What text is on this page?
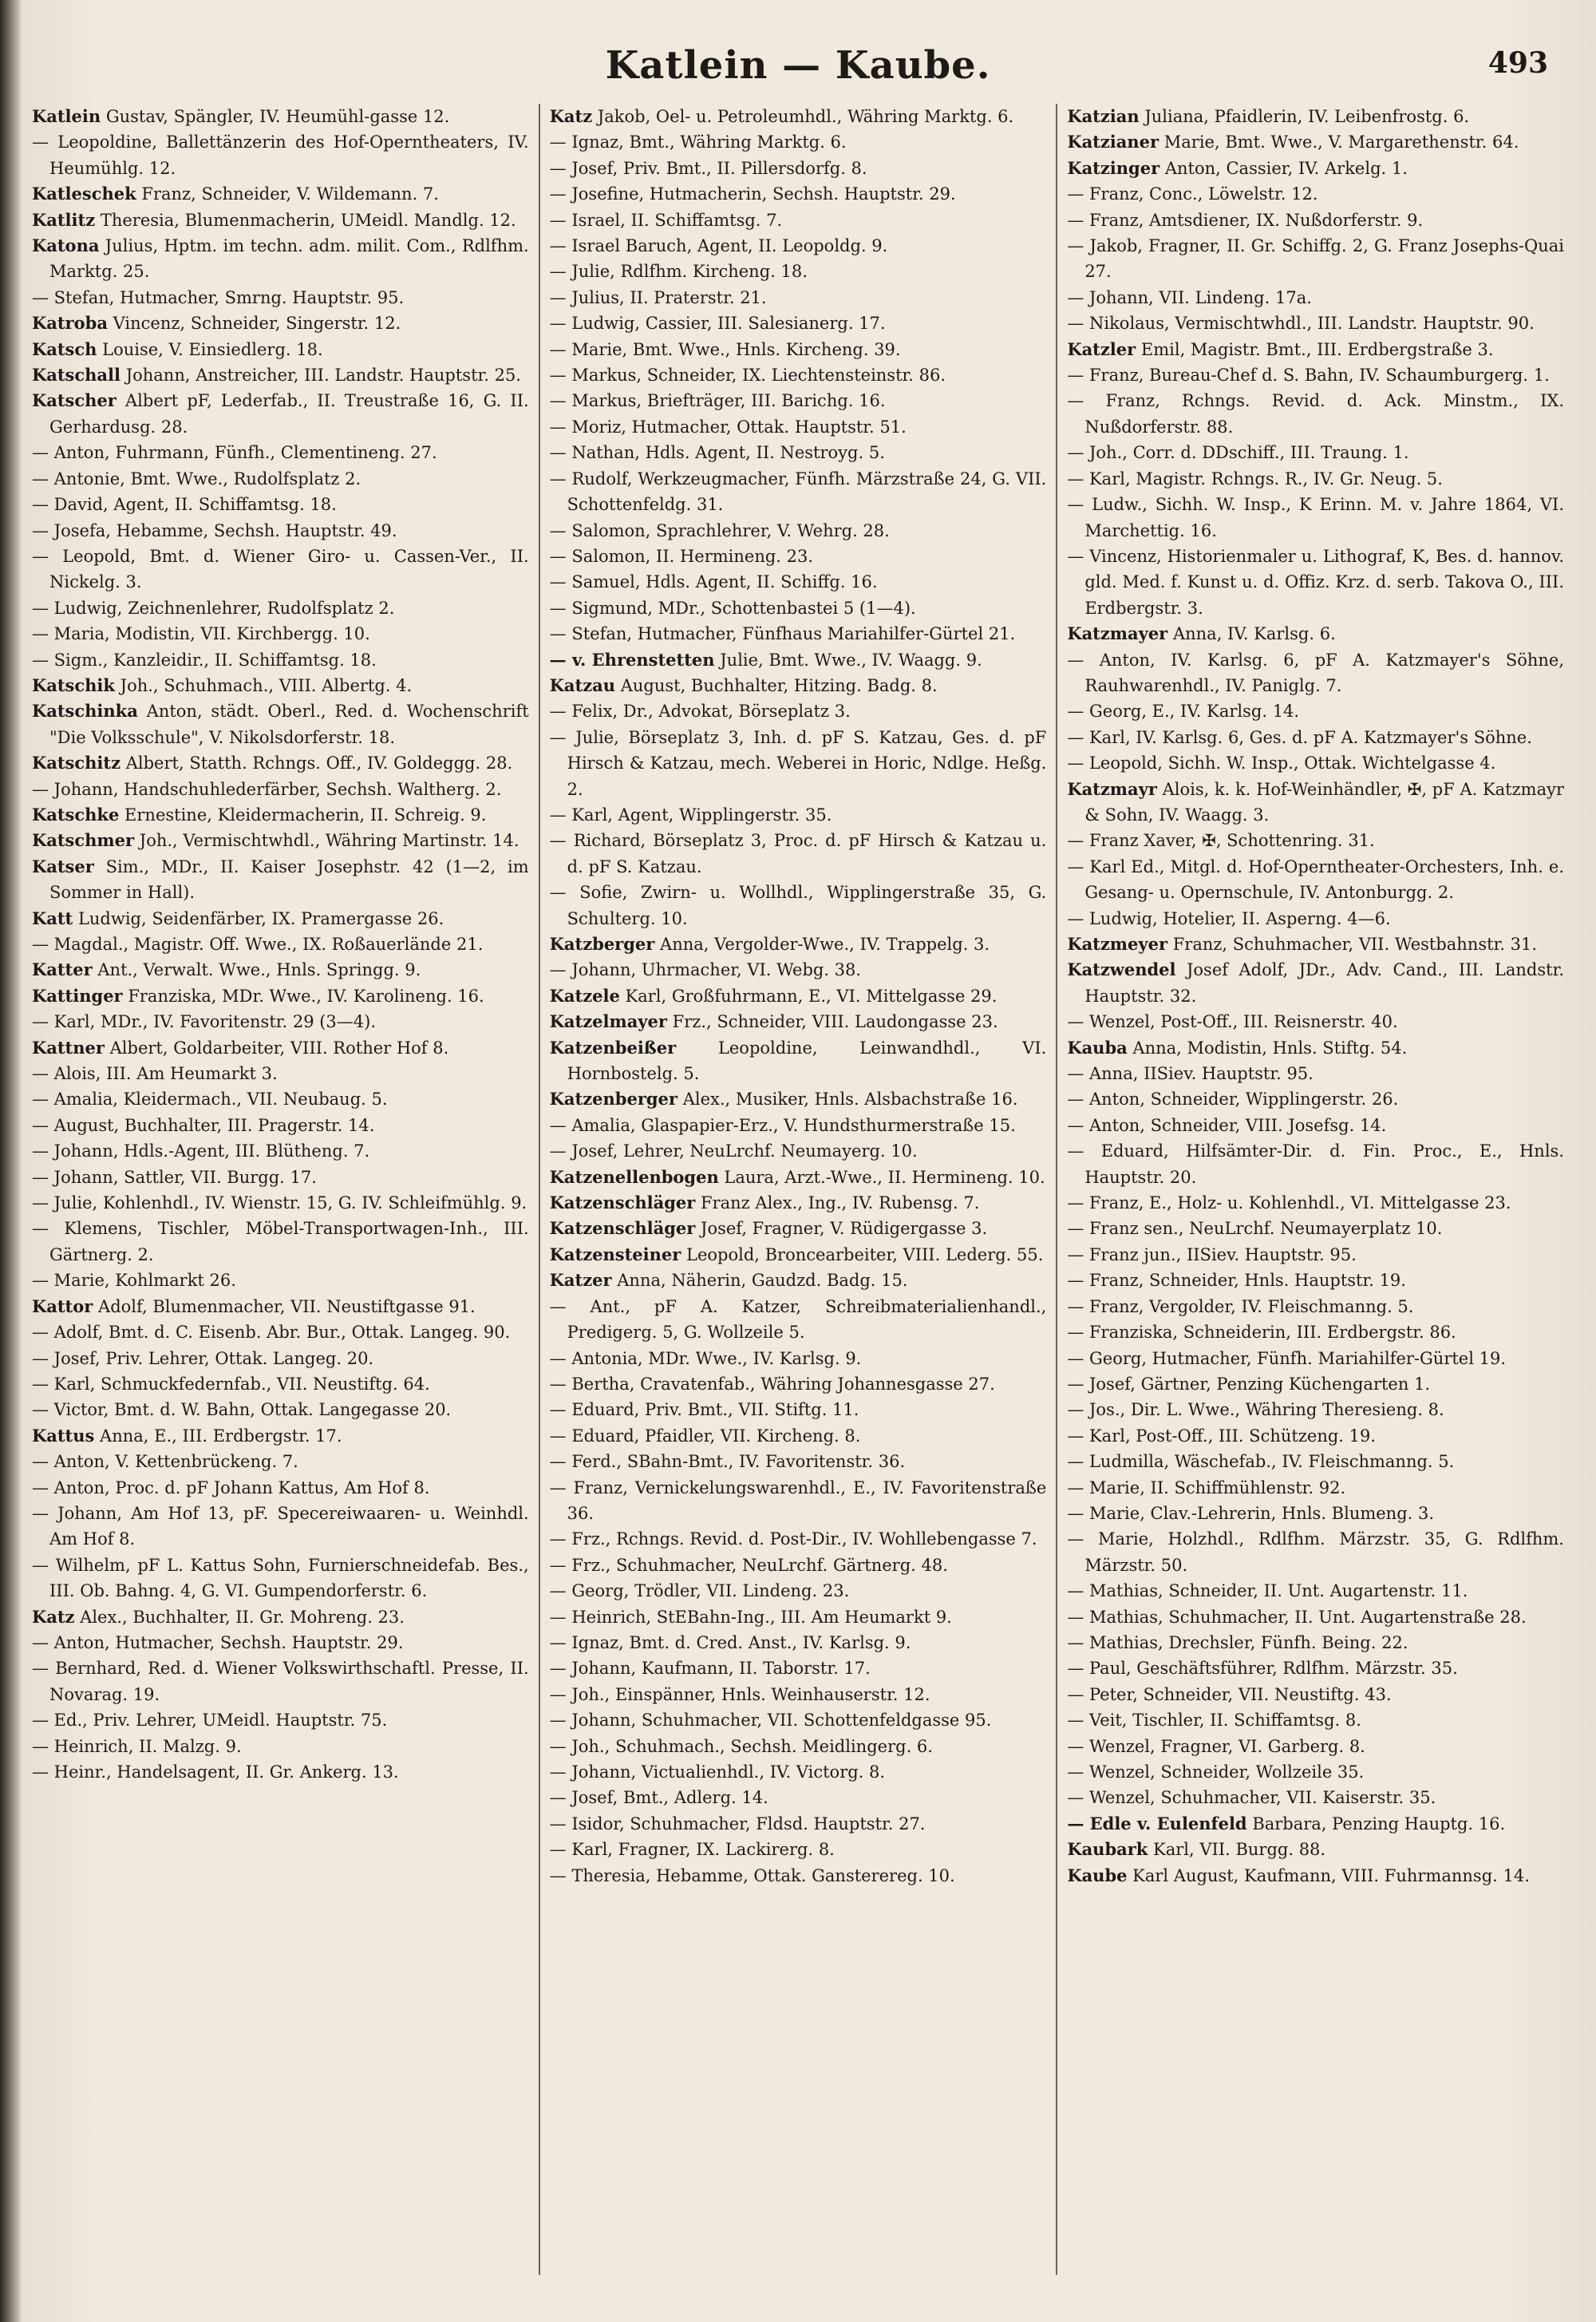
Katlein — Kaube.	493

Katlein Gustav, Spängler, IV. Heumühl-gasse 12.

— Leopoldine, Ballettänzerin des Hof-Operntheaters, IV. Heumühlg. 12.

Katleschek Franz, Schneider, V. Wildemann. 7.

Katlitz Theresia, Blumenmacherin, UMeidl. Mandlg. 12.

Katona Julius, Hptm. im techn. adm. milit. Com., Rdlfhm. Marktg. 25.

— Stefan, Hutmacher, Smrng. Hauptstr. 95.

Katroba Vincenz, Schneider, Singerstr. 12.

Katsch Louise, V. Einsiedlerg. 18.

Katschall Johann, Anstreicher, III. Landstr. Hauptstr. 25.

Katscher Albert pF, Lederfab., II. Treustraße 16, G. II. Gerhardusg. 28.

— Anton, Fuhrmann, Fünfh., Clementineng. 27.

— Antonie, Bmt. Wwe., Rudolfsplatz 2.

— David, Agent, II. Schiffamtsg. 18.

— Josefa, Hebamme, Sechsh. Hauptstr. 49.

— Leopold, Bmt. d. Wiener Giro- u. Cassen-Ver., II. Nickelg. 3.

— Ludwig, Zeichnenlehrer, Rudolfsplatz 2.

— Maria, Modistin, VII. Kirchbergg. 10.

— Sigm., Kanzleidir., II. Schiffamtsg. 18.

Katschik Joh., Schuhmach., VIII. Albertg. 4.

Katschinka Anton, städt. Oberl., Red. d. Wochenschrift "Die Volksschule", V. Nikolsdorferstr. 18.

Katschitz Albert, Statth. Rchngs. Off., IV. Goldeggg. 28.

— Johann, Handschuhlederfärber, Sechsh. Waltherg. 2.

Katschke Ernestine, Kleidermacherin, II. Schreig. 9.

Katschmer Joh., Vermischtwhdl., Währing Martinstr. 14.

Katser Sim., MDr., II. Kaiser Josephstr. 42 (1—2, im Sommer in Hall).

Katt Ludwig, Seidenfärber, IX. Pramergasse 26.

— Magdal., Magistr. Off. Wwe., IX. Roßauerlände 21.

Katter Ant., Verwalt. Wwe., Hnls. Springg. 9.

Kattinger Franziska, MDr. Wwe., IV. Karolineng. 16.

— Karl, MDr., IV. Favoritenstr. 29 (3—4).

Kattner Albert, Goldarbeiter, VIII. Rother Hof 8.

— Alois, III. Am Heumarkt 3.

— Amalia, Kleidermach., VII. Neubaug. 5.

— August, Buchhalter, III. Pragerstr. 14.

— Johann, Hdls.-Agent, III. Blütheng. 7.

— Johann, Sattler, VII. Burgg. 17.

— Julie, Kohlenhdl., IV. Wienstr. 15, G. IV. Schleifmühlg. 9.

— Klemens, Tischler, Möbel-Transportwagen-Inh., III. Gärtnerg. 2.

— Marie, Kohlmarkt 26.

Kattor Adolf, Blumenmacher, VII. Neustiftgasse 91.

— Adolf, Bmt. d. C. Eisenb. Abr. Bur., Ottak. Langeg. 90.

— Josef, Priv. Lehrer, Ottak. Langeg. 20.

— Karl, Schmuckfedernfab., VII. Neustiftg. 64.

— Victor, Bmt. d. W. Bahn, Ottak. Langegasse 20.

Kattus Anna, E., III. Erdbergstr. 17.

— Anton, V. Kettenbrückeng. 7.

— Anton, Proc. d. pF Johann Kattus, Am Hof 8.

— Johann, Am Hof 13, pF. Specereiwaaren- u. Weinhdl. Am Hof 8.

— Wilhelm, pF L. Kattus Sohn, Furnierschneidefab. Bes., III. Ob. Bahng. 4, G. VI. Gumpendorferstr. 6.

Katz Alex., Buchhalter, II. Gr. Mohreng. 23.

— Anton, Hutmacher, Sechsh. Hauptstr. 29.

— Bernhard, Red. d. Wiener Volkswirthschaftl. Presse, II. Novarag. 19.

— Ed., Priv. Lehrer, UMeidl. Hauptstr. 75.

— Heinrich, II. Malzg. 9.

— Heinr., Handelsagent, II. Gr. Ankerg. 13.

Katz Jakob, Oel- u. Petroleumhdl., Währing Marktg. 6.

— Ignaz, Bmt., Währing Marktg. 6.

— Josef, Priv. Bmt., II. Pillersdorfg. 8.

— Josefine, Hutmacherin, Sechsh. Hauptstr. 29.

— Israel, II. Schiffamtsg. 7.

— Israel Baruch, Agent, II. Leopoldg. 9.

— Julie, Rdlfhm. Kircheng. 18.

— Julius, II. Praterstr. 21.

— Ludwig, Cassier, III. Salesianerg. 17.

— Marie, Bmt. Wwe., Hnls. Kircheng. 39.

— Markus, Schneider, IX. Liechtensteinstr. 86.

— Markus, Briefträger, III. Barichg. 16.

— Moriz, Hutmacher, Ottak. Hauptstr. 51.

— Nathan, Hdls. Agent, II. Nestroyg. 5.

— Rudolf, Werkzeugmacher, Fünfh. Märzstraße 24, G. VII. Schottenfeldg. 31.

— Salomon, Sprachlehrer, V. Wehrg. 28.

— Salomon, II. Hermineng. 23.

— Samuel, Hdls. Agent, II. Schiffg. 16.

— Sigmund, MDr., Schottenbastei 5 (1—4).

— Stefan, Hutmacher, Fünfhaus Mariahilfer-Gürtel 21.

— v. Ehrenstetten Julie, Bmt. Wwe., IV. Waagg. 9.

Katzau August, Buchhalter, Hitzing. Badg. 8.

— Felix, Dr., Advokat, Börseplatz 3.

— Julie, Börseplatz 3, Inh. d. pF S. Katzau, Ges. d. pF Hirsch & Katzau, mech. Weberei in Horic, Ndlge. Heßg. 2.

— Karl, Agent, Wipplingerstr. 35.

— Richard, Börseplatz 3, Proc. d. pF Hirsch & Katzau u. d. pF S. Katzau.

— Sofie, Zwirn- u. Wollhdl., Wipplingerstraße 35, G. Schulterg. 10.

Katzberger Anna, Vergolder-Wwe., IV. Trappelg. 3.

— Johann, Uhrmacher, VI. Webg. 38.

Katzele Karl, Großfuhrmann, E., VI. Mittelgasse 29.

Katzelmayer Frz., Schneider, VIII. Laudongasse 23.

Katzenbeißer	Leopoldine, Leinwandhdl., VI. Hornbostelg. 5.

Katzenberger Alex., Musiker, Hnls. Alsbachstraße 16.

— Amalia, Glaspapier-Erz., V. Hundsthurmerstraße 15.

— Josef, Lehrer, NeuLrchf. Neumayerg. 10.

Katzenellenbogen Laura, Arzt.-Wwe., II. Hermineng. 10.

Katzenschläger Franz Alex., Ing., IV. Rubensg. 7.

Katzenschläger Josef, Fragner, V. Rüdigergasse 3.

Katzensteiner Leopold, Broncearbeiter, VIII. Lederg. 55.

Katzer Anna, Näherin, Gaudzd. Badg. 15.

— Ant., pF A. Katzer, Schreibmaterialienhandl., Predigerg. 5, G. Wollzeile 5.

— Antonia, MDr. Wwe., IV. Karlsg. 9.

— Bertha, Cravatenfab., Währing Johannesgasse 27.

— Eduard, Priv. Bmt., VII. Stiftg. 11.

— Eduard, Pfaidler, VII. Kircheng. 8.

— Ferd., SBahn-Bmt., IV. Favoritenstr. 36.

— Franz, Vernickelungswarenhdl., E., IV. Favoritenstraße 36.

— Frz., Rchngs. Revid. d. Post-Dir., IV. Wohllebengasse 7.

— Frz., Schuhmacher, NeuLrchf. Gärtnerg. 48.

— Georg, Trödler, VII. Lindeng. 23.

— Heinrich, StEBahn-Ing., III. Am Heumarkt 9.

— Ignaz, Bmt. d. Cred. Anst., IV. Karlsg. 9.

— Johann, Kaufmann, II. Taborstr. 17.

— Joh., Einspänner, Hnls. Weinhauserstr. 12.

— Johann, Schuhmacher, VII. Schottenfeldgasse 95.

— Joh., Schuhmach., Sechsh. Meidlingerg. 6.

— Johann, Victualienhdl., IV. Victorg. 8.

— Josef, Bmt., Adlerg. 14.

— Isidor, Schuhmacher, Fldsd. Hauptstr. 27.

— Karl, Fragner, IX. Lackirerg. 8.

— Theresia, Hebamme, Ottak. Gansterereg. 10.

Katzian Juliana, Pfaidlerin, IV. Leibenfrostg. 6.

Katzianer Marie, Bmt. Wwe., V. Margarethenstr. 64.

Katzinger Anton, Cassier, IV. Arkelg. 1.

— Franz, Conc., Löwelstr. 12.

— Franz, Amtsdiener, IX. Nußdorferstr. 9.

— Jakob, Fragner, II. Gr. Schiffg. 2, G. Franz Josephs-Quai 27.

— Johann, VII. Lindeng. 17a.

— Nikolaus, Vermischtwhdl., III. Landstr. Hauptstr. 90.

Katzler Emil, Magistr. Bmt., III. Erdbergstraße 3.

— Franz, Bureau-Chef d. S. Bahn, IV. Schaumburgerg. 1.

— Franz, Rchngs. Revid. d. Ack. Minstm., IX. Nußdorferstr. 88.

— Joh., Corr. d. DDschiff., III. Traung. 1.

— Karl, Magistr. Rchngs. R., IV. Gr. Neug. 5.

— Ludw., Sichh. W. Insp., K Erinn. M. v. Jahre 1864, VI. Marchettig. 16.

— Vincenz, Historienmaler u. Lithograf, K, Bes. d. hannov. gld. Med. f. Kunst u. d. Offiz. Krz. d. serb. Takova O., III. Erdbergstr. 3.

Katzmayer Anna, IV. Karlsg. 6.

— Anton, IV. Karlsg. 6, pF A. Katzmayer's Söhne, Rauhwarenhdl., IV. Paniglg. 7.

— Georg, E., IV. Karlsg. 14.

— Karl, IV. Karlsg. 6, Ges. d. pF A. Katzmayer's Söhne.

— Leopold, Sichh. W. Insp., Ottak. Wichtelgasse 4.

Katzmayr Alois, k. k. Hof-Weinhändler, ✠, pF A. Katzmayr & Sohn, IV. Waagg. 3.

— Franz Xaver, ✠, Schottenring. 31.

— Karl Ed., Mitgl. d. Hof-Operntheater-Orchesters, Inh. e. Gesang- u. Opernschule, IV. Antonburgg. 2.

— Ludwig, Hotelier, II. Asperng. 4—6.

Katzmeyer Franz, Schuhmacher, VII. Westbahnstr. 31.

Katzwendel Josef Adolf, JDr., Adv. Cand., III. Landstr. Hauptstr. 32.

— Wenzel, Post-Off., III. Reisnerstr. 40.

Kauba Anna, Modistin, Hnls. Stiftg. 54.

— Anna, IISiev. Hauptstr. 95.

— Anton, Schneider, Wipplingerstr. 26.

— Anton, Schneider, VIII. Josefsg. 14.

— Eduard, Hilfsämter-Dir. d. Fin. Proc., E., Hnls. Hauptstr. 20.

— Franz, E., Holz- u. Kohlenhdl., VI. Mittelgasse 23.

— Franz sen., NeuLrchf. Neumayerplatz 10.

— Franz jun., IISiev. Hauptstr. 95.

— Franz, Schneider, Hnls. Hauptstr. 19.

— Franz, Vergolder, IV. Fleischmanng. 5.

— Franziska, Schneiderin, III. Erdbergstr. 86.

— Georg, Hutmacher, Fünfh. Mariahilfer-Gürtel 19.

— Josef, Gärtner, Penzing Küchengarten 1.

— Jos., Dir. L. Wwe., Währing Theresieng. 8.

— Karl, Post-Off., III. Schützeng. 19.

— Ludmilla, Wäschefab., IV. Fleischmanng. 5.

— Marie, II. Schiffmühlenstr. 92.

— Marie, Clav.-Lehrerin, Hnls. Blumeng. 3.

— Marie, Holzhdl., Rdlfhm. Märzstr. 35, G. Rdlfhm. Märzstr. 50.

— Mathias, Schneider, II. Unt. Augartenstr. 11.

— Mathias, Schuhmacher, II. Unt. Augartenstraße 28.

— Mathias, Drechsler, Fünfh. Being. 22.

— Paul, Geschäftsführer, Rdlfhm. Märzstr. 35.

— Peter, Schneider, VII. Neustiftg. 43.

— Veit, Tischler, II. Schiffamtsg. 8.

— Wenzel, Fragner, VI. Garberg. 8.

— Wenzel, Schneider, Wollzeile 35.

— Wenzel, Schuhmacher, VII. Kaiserstr. 35.

— Edle v. Eulenfeld Barbara, Penzing Hauptg. 16.

Kaubark Karl, VII. Burgg. 88.

Kaube Karl August, Kaufmann, VIII. Fuhrmannsg. 14.
